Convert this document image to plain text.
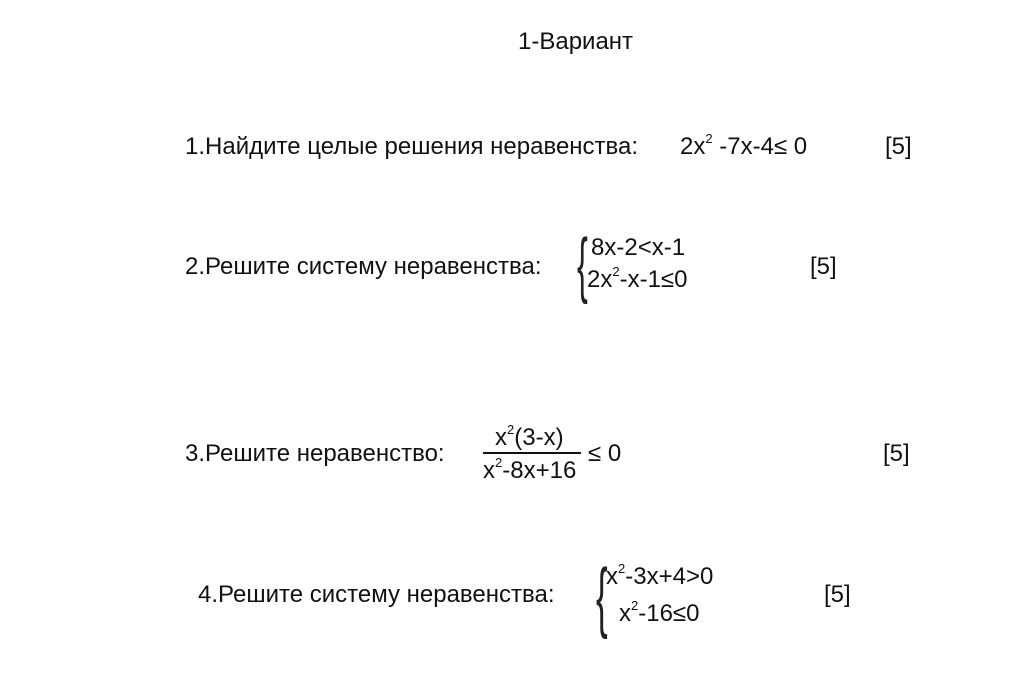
1-Вариант
1.Найдите целые решения неравенства: $2x^2$ -7x-4≤ 0	[5]
2.Решите систему неравенства: { 8x-2<x-1
$2x^2-x-1\le 0$	[5]
3.Решите неравенство:
$x^2(3-x)$
$x^2-8x+16$
≤ 0	[5]
4.Решите систему неравенства: {
$x^2-3x+4>0$
$x^2-16\le 0$
[5]
